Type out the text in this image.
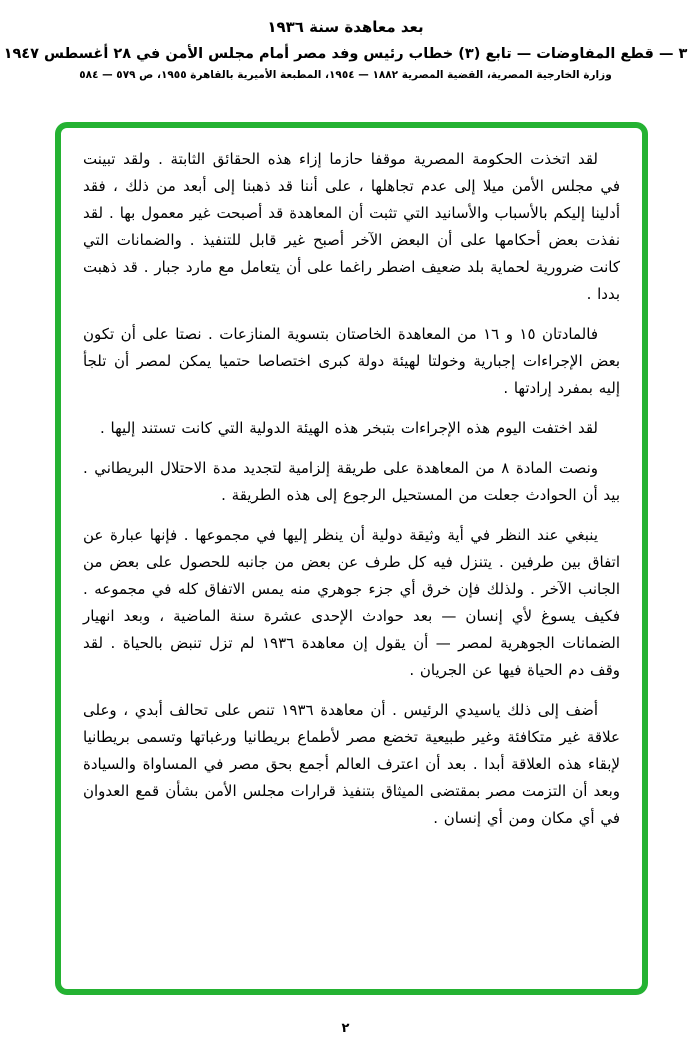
بعد معاهدة سنة ١٩٣٦

٣ — قطع المفاوضات — تابع (٣) خطاب رئيس وفد مصر أمام مجلس الأمن في ٢٨ أغسطس ١٩٤٧

وزارة الخارجية المصرية، القضية المصرية ١٨٨٢ — ١٩٥٤، المطبعة الأميرية بالقاهرة ١٩٥٥، ص ٥٧٩ — ٥٨٤

لقد اتخذت الحكومة المصرية موقفا حازما إزاء هذه الحقائق الثابتة . ولقد تبينت في مجلس الأمن ميلا إلى عدم تجاهلها ، على أننا قد ذهبنا إلى أبعد من ذلك ، فقد أدلينا إليكم بالأسباب والأسانيد التي تثبت أن المعاهدة قد أصبحت غير معمول بها . لقد نفذت بعض أحكامها على أن البعض الآخر أصبح غير قابل للتنفيذ . والضمانات التي كانت ضرورية لحماية بلد ضعيف اضطر راغما على أن يتعامل مع مارد جبار . قد ذهبت بددا .

فالمادتان ١٥ و ١٦ من المعاهدة الخاصتان بتسوية المنازعات . نصتا على أن تكون بعض الإجراءات إجبارية وخولتا لهيئة دولة كبرى اختصاصا حتميا يمكن لمصر أن تلجأ إليه بمفرد إرادتها .

لقد اختفت اليوم هذه الإجراءات بتبخر هذه الهيئة الدولية التي كانت تستند إليها .

ونصت المادة ٨ من المعاهدة على طريقة إلزامية لتجديد مدة الاحتلال البريطاني . بيد أن الحوادث جعلت من المستحيل الرجوع إلى هذه الطريقة .

ينبغي عند النظر في أية وثيقة دولية أن ينظر إليها في مجموعها . فإنها عبارة عن اتفاق بين طرفين . يتنزل فيه كل طرف عن بعض من جانبه للحصول على بعض من الجانب الآخر . ولذلك فإن خرق أي جزء جوهري منه يمس الاتفاق كله في مجموعه . فكيف يسوغ لأي إنسان — بعد حوادث الإحدى عشرة سنة الماضية ، وبعد انهيار الضمانات الجوهرية لمصر — أن يقول إن معاهدة ١٩٣٦ لم تزل تنبض بالحياة . لقد وقف دم الحياة فيها عن الجريان .

أضف إلى ذلك ياسيدي الرئيس . أن معاهدة ١٩٣٦ تنص على تحالف أبدي ، وعلى علاقة غير متكافئة وغير طبيعية تخضع مصر لأطماع بريطانيا ورغباتها وتسمى بريطانيا لإبقاء هذه العلاقة أبدا . بعد أن اعترف العالم أجمع بحق مصر في المساواة والسيادة وبعد أن التزمت مصر بمقتضى الميثاق بتنفيذ قرارات مجلس الأمن بشأن قمع العدوان في أي مكان ومن أي إنسان .

٢
